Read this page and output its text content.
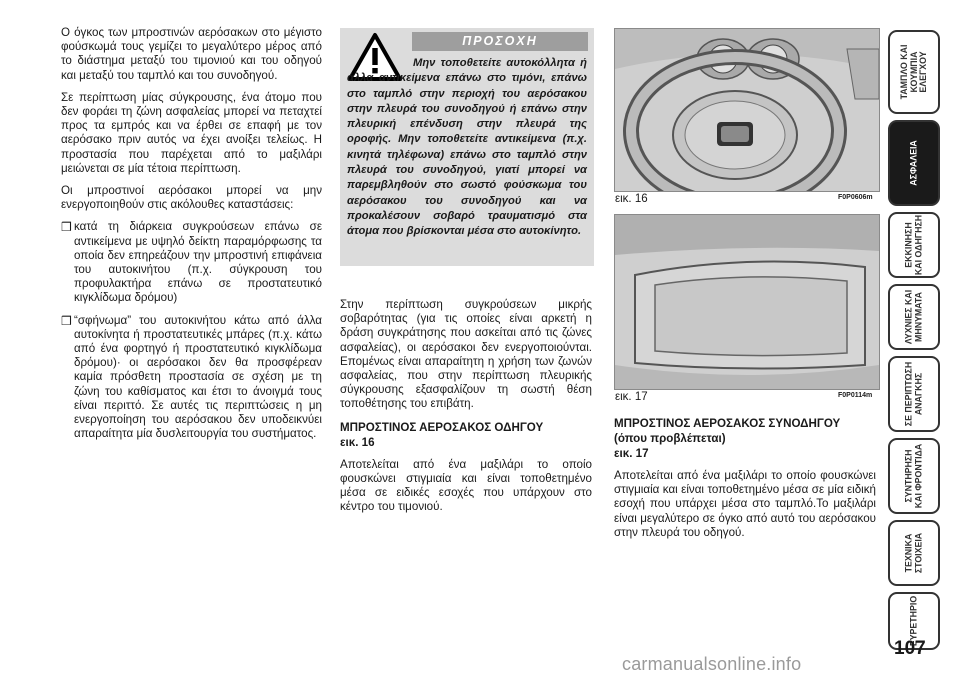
Ο όγκος των μπροστινών αερόσακων στο μέγιστο φούσκωμά τους γεμίζει το μεγαλύτερο μέρος από το διάστημα μεταξύ του τιμονιού και του οδηγού και μεταξύ του ταμπλό και του συνοδηγού.

Σε περίπτωση μίας σύγκρουσης, ένα άτομο που δεν φοράει τη ζώνη ασφαλείας μπορεί να πεταχτεί προς τα εμπρός και να έρθει σε επαφή με τον αερόσακο πριν αυτός να έχει ανοίξει τελείως. Η προστασία που παρέχεται από το μαξιλάρι μειώνεται σε μία τέτοια περίπτωση.

Οι μπροστινοί αερόσακοι μπορεί να μην ενεργοποιηθούν στις ακόλουθες καταστάσεις:

❒ κατά τη διάρκεια συγκρούσεων επάνω σε αντικείμενα με υψηλό δείκτη παραμόρφωσης τα οποία δεν επηρεάζουν την μπροστινή επιφάνεια του αυτοκινήτου (π.χ. σύγκρουση του προφυλακτήρα επάνω σε προστατευτικό κιγκλίδωμα δρόμου)
❒ “σφήνωμα” του αυτοκινήτου κάτω από άλλα αυτοκίνητα ή προστατευτικές μπάρες (π.χ. κάτω από ένα φορτηγό ή προστατευτικό κιγκλίδωμα δρόμου)· οι αερόσακοι δεν θα προσφέρεαν καμία πρόσθετη προστασία σε σχέση με τη ζώνη του καθίσματος και έτσι το άνοιγμά τους είναι περιττό. Σε αυτές τις περιπτώσεις η μη ενεργοποίηση του αερόσακου δεν υποδεικνύει απαραίτητα μία δυσλειτουργία του συστήματος.
ΠΡΟΣΟΧΗ

Μην τοποθετείτε αυτοκόλλητα ή άλλα αντικείμενα επάνω στο τιμόνι, επάνω στο ταμπλό στην περιοχή του αερόσακου στην πλευρά του συνοδηγού ή επάνω στην πλευρική επένδυση στην πλευρά της οροφής. Μην τοποθετείτε αντικείμενα (π.χ. κινητά τηλέφωνα) επάνω στο ταμπλό στην πλευρά του συνοδηγού, γιατί μπορεί να παρεμβληθούν στο σωστό φούσκωμα του αερόσακου του συνοδηγού και να προκαλέσουν σοβαρό τραυματισμό στα άτομα που βρίσκονται μέσα στο αυτοκίνητο.

Στην περίπτωση συγκρούσεων μικρής σοβαρότητας (για τις οποίες είναι αρκετή η δράση συγκράτησης που ασκείται από τις ζώνες ασφαλείας), οι αερόσακοι δεν ενεργοποιούνται. Επομένως είναι απαραίτητη η χρήση των ζωνών ασφαλείας, που στην περίπτωση πλευρικής σύγκρουσης εξασφαλίζουν τη σωστή θέση τοποθέτησης του επιβάτη.

ΜΠΡΟΣΤΙΝΟΣ ΑΕΡΟΣΑΚΟΣ ΟΔΗΓΟΥ
εικ. 16

Αποτελείται από ένα μαξιλάρι το οποίο φουσκώνει στιγμιαία και είναι τοποθετημένο μέσα σε ειδικές εσοχές που υπάρχουν στο κέντρο του τιμονιού.

εικ. 16	F0P0606m
εικ. 17	F0P0114m
ΜΠΡΟΣΤΙΝΟΣ ΑΕΡΟΣΑΚΟΣ ΣΥΝΟΔΗΓΟΥ
(όπου προβλέπεται)
εικ. 17

Αποτελείται από ένα μαξιλάρι το οποίο φουσκώνει στιγμιαία και είναι τοποθετημένο μέσα σε μία ειδική εσοχή που υπάρχει μέσα στο ταμπλό.Το μαξιλάρι είναι μεγαλύτερο σε όγκο από αυτό του αερόσακου στην πλευρά του οδηγού.

ΤΑΜΠΛΟ ΚΑΙ
ΚΟΥΜΠΙΑ
ΕΛΕΓΧΟΥ
ΑΣΦΑΛΕΙΑ
ΕΚΚΙΝΗΣΗ
ΚΑΙ ΟΔΗΓΗΣΗ
ΛΥΧΝΙΕΣ ΚΑΙ
ΜΗΝΥΜΑΤΑ
ΣΕ ΠΕΡΙΠΤΩΣΗ
ΑΝΑΓΚΗΣ
ΣΥΝΤΗΡΗΣΗ
ΚΑΙ ΦΡΟΝΤΙΔΑ
ΤΕΧΝΙΚΑ
ΣΤΟΙΧΕΙΑ
ΕΥΡΕΤΗΡΙΟ
107
carmanualsonline.info
